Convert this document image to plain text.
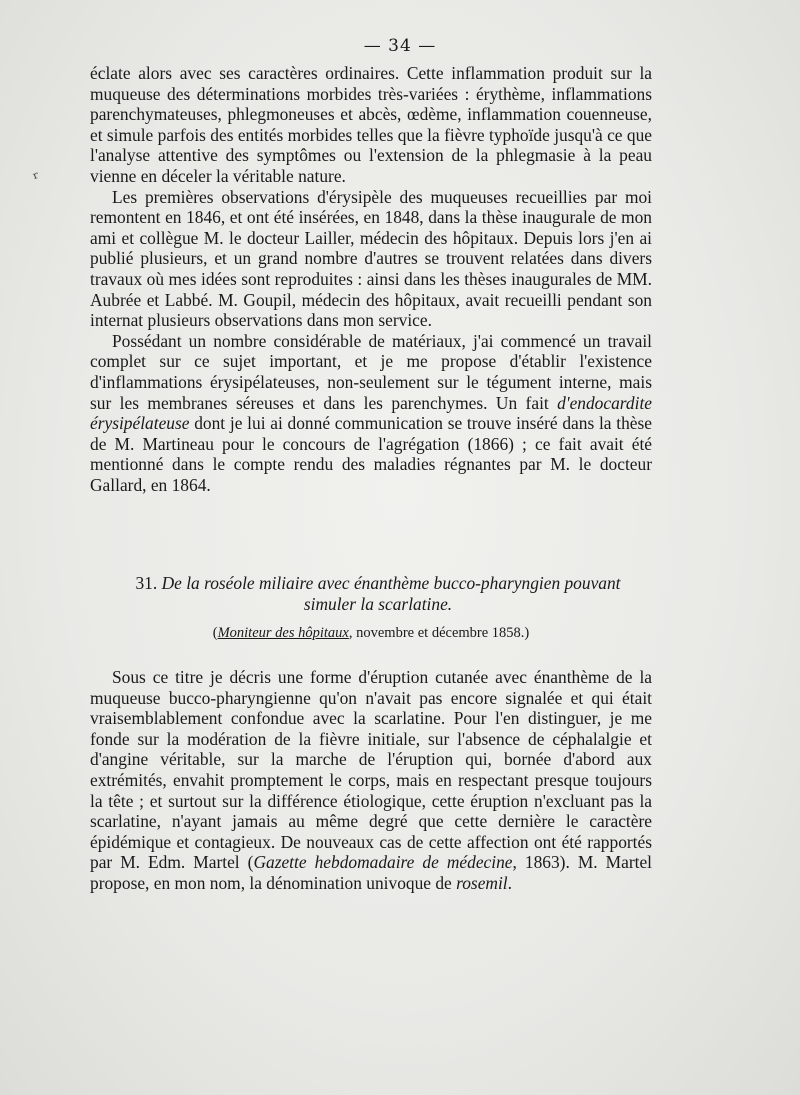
ʳ
— 34 —

éclate alors avec ses caractères ordinaires. Cette inflammation produit sur la muqueuse des déterminations morbides très-variées : érythème, inflammations parenchymateuses, phlegmoneuses et abcès, œdème, inflammation couenneuse, et simule parfois des entités morbides telles que la fièvre typhoïde jusqu'à ce que l'analyse attentive des symptômes ou l'extension de la phlegmasie à la peau vienne en déceler la véritable nature.

Les premières observations d'érysipèle des muqueuses recueillies par moi remontent en 1846, et ont été insérées, en 1848, dans la thèse inaugurale de mon ami et collègue M. le docteur Lailler, médecin des hôpitaux. Depuis lors j'en ai publié plusieurs, et un grand nombre d'autres se trouvent relatées dans divers travaux où mes idées sont reproduites : ainsi dans les thèses inaugurales de MM. Aubrée et Labbé. M. Goupil, médecin des hôpitaux, avait recueilli pendant son internat plusieurs observations dans mon service.

Possédant un nombre considérable de matériaux, j'ai commencé un travail complet sur ce sujet important, et je me propose d'établir l'existence d'inflammations érysipélateuses, non-seulement sur le tégument interne, mais sur les membranes séreuses et dans les parenchymes. Un fait d'endocardite érysipélateuse dont je lui ai donné communication se trouve inséré dans la thèse de M. Martineau pour le concours de l'agrégation (1866) ; ce fait avait été mentionné dans le compte rendu des maladies régnantes par M. le docteur Gallard, en 1864.

31. De la roséole miliaire avec énanthème bucco-pharyngien pouvant simuler la scarlatine.
(Moniteur des hôpitaux, novembre et décembre 1858.)

Sous ce titre je décris une forme d'éruption cutanée avec énanthème de la muqueuse bucco-pharyngienne qu'on n'avait pas encore signalée et qui était vraisemblablement confondue avec la scarlatine. Pour l'en distinguer, je me fonde sur la modération de la fièvre initiale, sur l'absence de céphalalgie et d'angine véritable, sur la marche de l'éruption qui, bornée d'abord aux extrémités, envahit promptement le corps, mais en respectant presque toujours la tête ; et surtout sur la différence étiologique, cette éruption n'excluant pas la scarlatine, n'ayant jamais au même degré que cette dernière le caractère épidémique et contagieux. De nouveaux cas de cette affection ont été rapportés par M. Edm. Martel (Gazette hebdomadaire de médecine, 1863). M. Martel propose, en mon nom, la dénomination univoque de rosemil.
